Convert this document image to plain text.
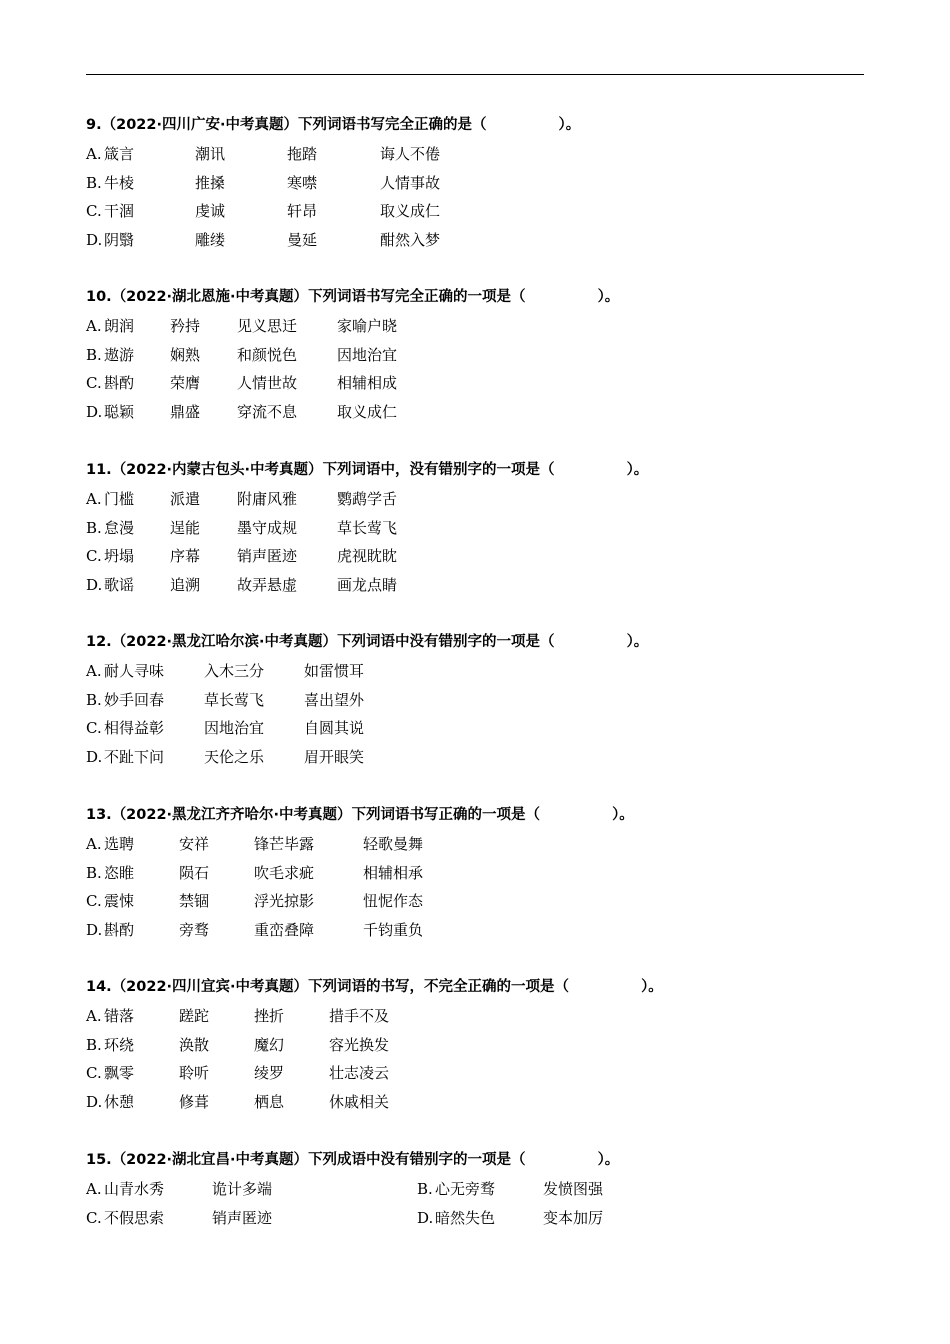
9.（2022·四川广安·中考真题）下列词语书写完全正确的是（	）。
A. 箴言	潮讯	拖踏	诲人不倦
B. 牛棱	推搡	寒噤	人情事故
C. 干涸	虔诚	轩昂	取义成仁
D. 阴翳	雕缕	曼延	酣然入梦
10.（2022·湖北恩施·中考真题）下列词语书写完全正确的一项是（	）。
A. 朗润 矜持 见义思迁	家喻户晓
B. 遨游 娴熟 和颜悦色	因地治宜
C. 斟酌 荣膺 人情世故	相辅相成
D. 聪颖 鼎盛 穿流不息	取义成仁
11.（2022·内蒙古包头·中考真题）下列词语中，没有错别字的一项是（	）。
A. 门槛 派遣 附庸风雅	鹦鹉学舌
B. 怠漫 逞能 墨守成规	草长莺飞
C. 坍塌 序幕 销声匿迹	虎视眈眈
D. 歌谣 追溯 故弄悬虚	画龙点睛
12.（2022·黑龙江哈尔滨·中考真题）下列词语中没有错别字的一项是（	）。
A. 耐人寻味	入木三分	如雷惯耳
B. 妙手回春	草长莺飞	喜出望外
C. 相得益彰	因地治宜	自圆其说
D. 不趾下问	天伦之乐	眉开眼笑
13.（2022·黑龙江齐齐哈尔·中考真题）下列词语书写正确的一项是（	）。
A. 选聘	安祥	锋芒毕露	轻歌曼舞
B. 恣睢	陨石	吹毛求疵	相辅相承
C. 震悚	禁锢	浮光掠影	忸怩作态
D. 斟酌	旁骛	重峦叠障	千钧重负
14.（2022·四川宜宾·中考真题）下列词语的书写，不完全正确的一项是（	）。
A. 错落	蹉跎	挫折	措手不及
B. 环绕	涣散	魔幻	容光换发
C. 飘零	聆听	绫罗	壮志凌云
D. 休憩	修葺	栖息	休戚相关
15.（2022·湖北宜昌·中考真题）下列成语中没有错别字的一项是（	）。
A. 山青水秀	诡计多端	B. 心无旁骛	发愤图强
C. 不假思索	销声匿迹	D. 暗然失色	变本加厉
